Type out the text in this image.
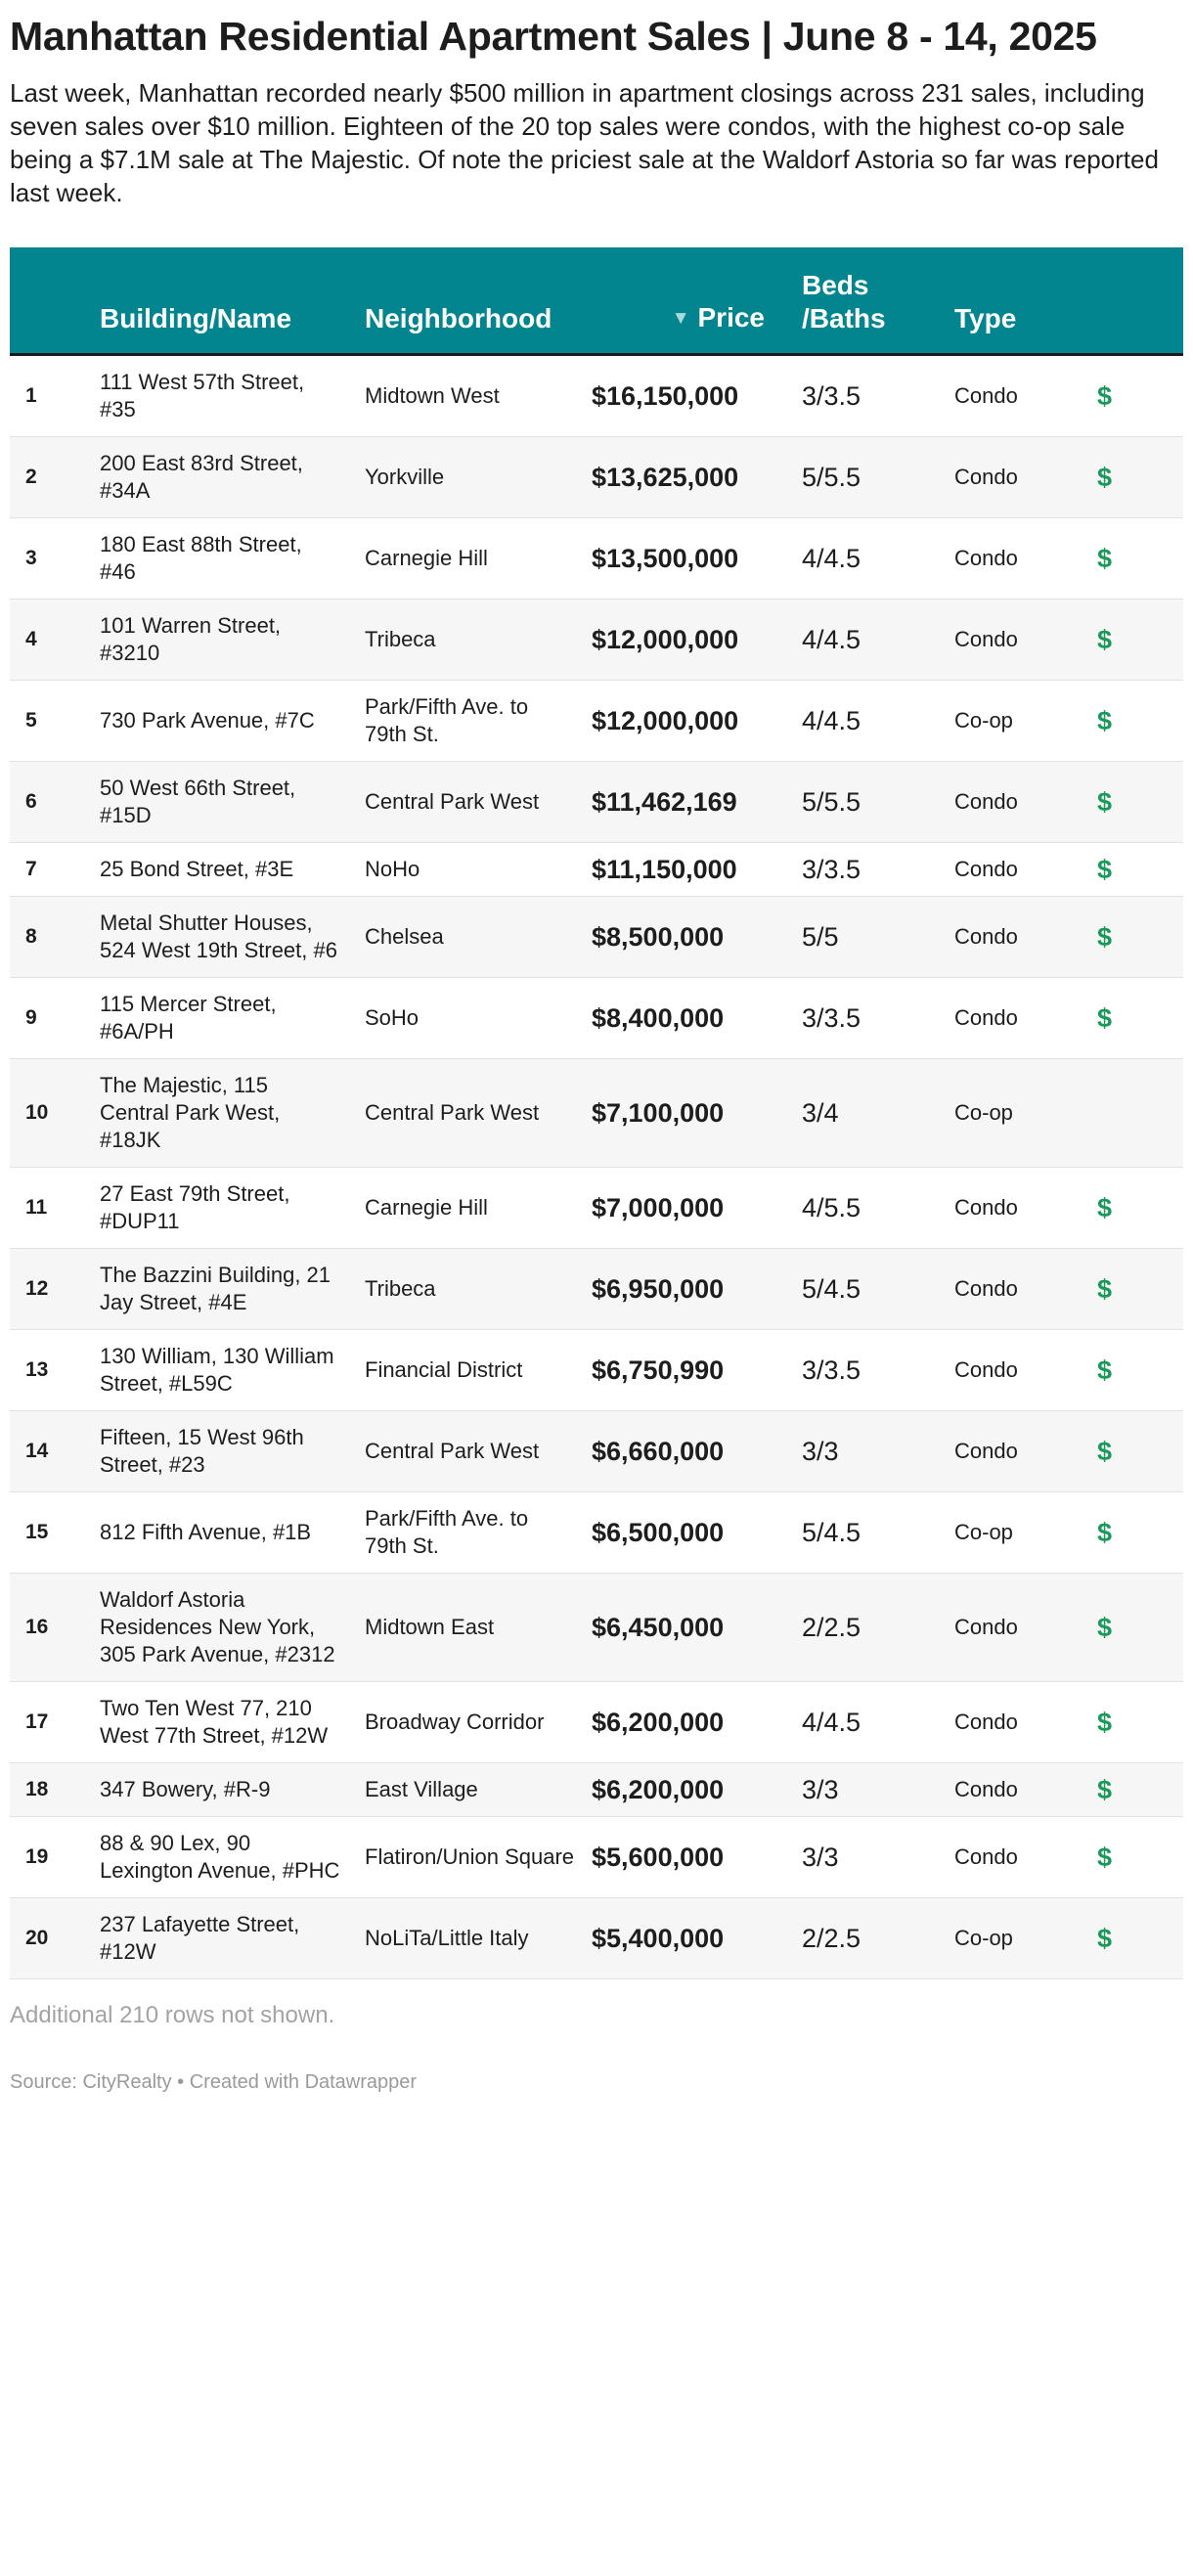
Manhattan Residential Apartment Sales | June 8 - 14, 2025

Last week, Manhattan recorded nearly $500 million in apartment closings across 231 sales, including seven sales over $10 million. Eighteen of the 20 top sales were condos, with the highest co-op sale being a $7.1M sale at The Majestic. Of note the priciest sale at the Waldorf Astoria so far was reported last week.

	Building/Name	Neighborhood	▼ Price	Beds /Baths	Type	
1	111 West 57th Street, #35	Midtown West	$16,150,000	3/3.5	Condo	$
2	200 East 83rd Street, #34A	Yorkville	$13,625,000	5/5.5	Condo	$
3	180 East 88th Street, #46	Carnegie Hill	$13,500,000	4/4.5	Condo	$
4	101 Warren Street, #3210	Tribeca	$12,000,000	4/4.5	Condo	$
5	730 Park Avenue, #7C	Park/Fifth Ave. to 79th St.	$12,000,000	4/4.5	Co-op	$
6	50 West 66th Street, #15D	Central Park West	$11,462,169	5/5.5	Condo	$
7	25 Bond Street, #3E	NoHo	$11,150,000	3/3.5	Condo	$
8	Metal Shutter Houses, 524 West 19th Street, #6	Chelsea	$8,500,000	5/5	Condo	$
9	115 Mercer Street, #6A/PH	SoHo	$8,400,000	3/3.5	Condo	$
10	The Majestic, 115 Central Park West, #18JK	Central Park West	$7,100,000	3/4	Co-op	
11	27 East 79th Street, #DUP11	Carnegie Hill	$7,000,000	4/5.5	Condo	$
12	The Bazzini Building, 21 Jay Street, #4E	Tribeca	$6,950,000	5/4.5	Condo	$
13	130 William, 130 William Street, #L59C	Financial District	$6,750,990	3/3.5	Condo	$
14	Fifteen, 15 West 96th Street, #23	Central Park West	$6,660,000	3/3	Condo	$
15	812 Fifth Avenue, #1B	Park/Fifth Ave. to 79th St.	$6,500,000	5/4.5	Co-op	$
16	Waldorf Astoria Residences New York, 305 Park Avenue, #2312	Midtown East	$6,450,000	2/2.5	Condo	$
17	Two Ten West 77, 210 West 77th Street, #12W	Broadway Corridor	$6,200,000	4/4.5	Condo	$
18	347 Bowery, #R-9	East Village	$6,200,000	3/3	Condo	$
19	88 & 90 Lex, 90 Lexington Avenue, #PHC	Flatiron/Union Square	$5,600,000	3/3	Condo	$
20	237 Lafayette Street, #12W	NoLiTa/Little Italy	$5,400,000	2/2.5	Co-op	$
Additional 210 rows not shown.
Source: CityRealty • Created with Datawrapper
